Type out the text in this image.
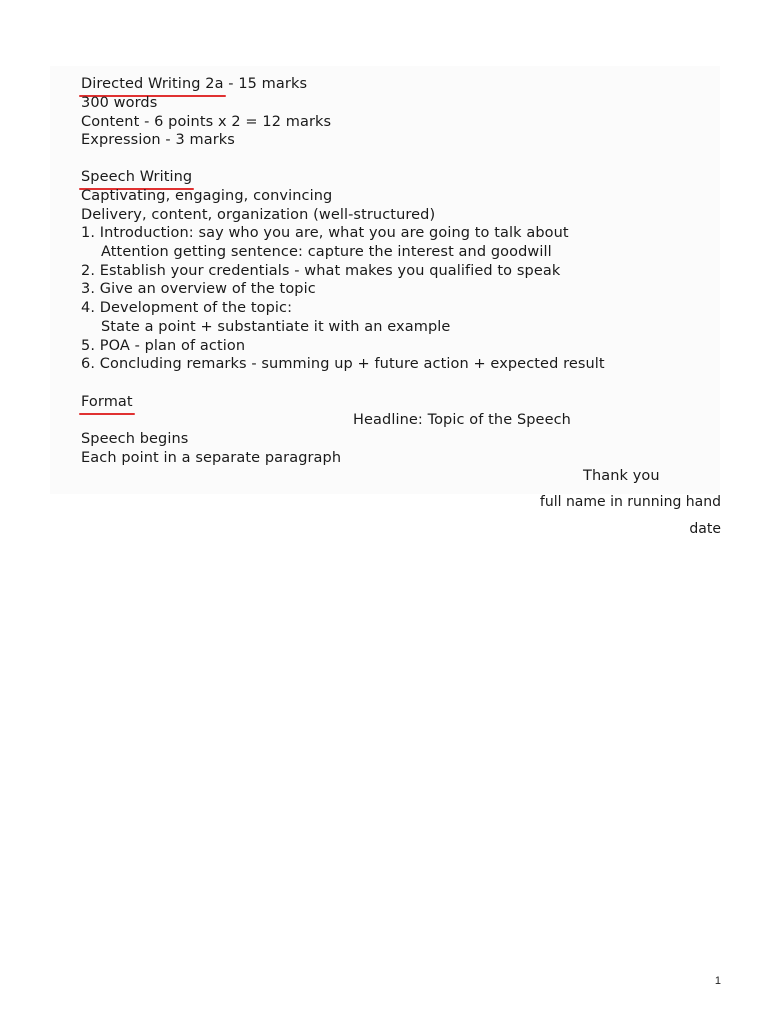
Directed Writing 2a
- 15 marks
300 words
Content - 6 points x 2 = 12 marks
Expression - 3 marks
Speech Writing
Captivating, engaging, convincing
Delivery, content, organization (well-structured)
1. Introduction: say who you are, what you are going to talk about
Attention getting sentence: capture the interest and goodwill
2. Establish your credentials - what makes you qualified to speak
3. Give an overview of the topic
4. Development of the topic:
State a point + substantiate it with an example
5. POA - plan of action
6. Concluding remarks - summing up + future action + expected result
Format
Headline: Topic of the Speech
Speech begins
Each point in a separate paragraph
Thank you
full name in running hand
date
1
